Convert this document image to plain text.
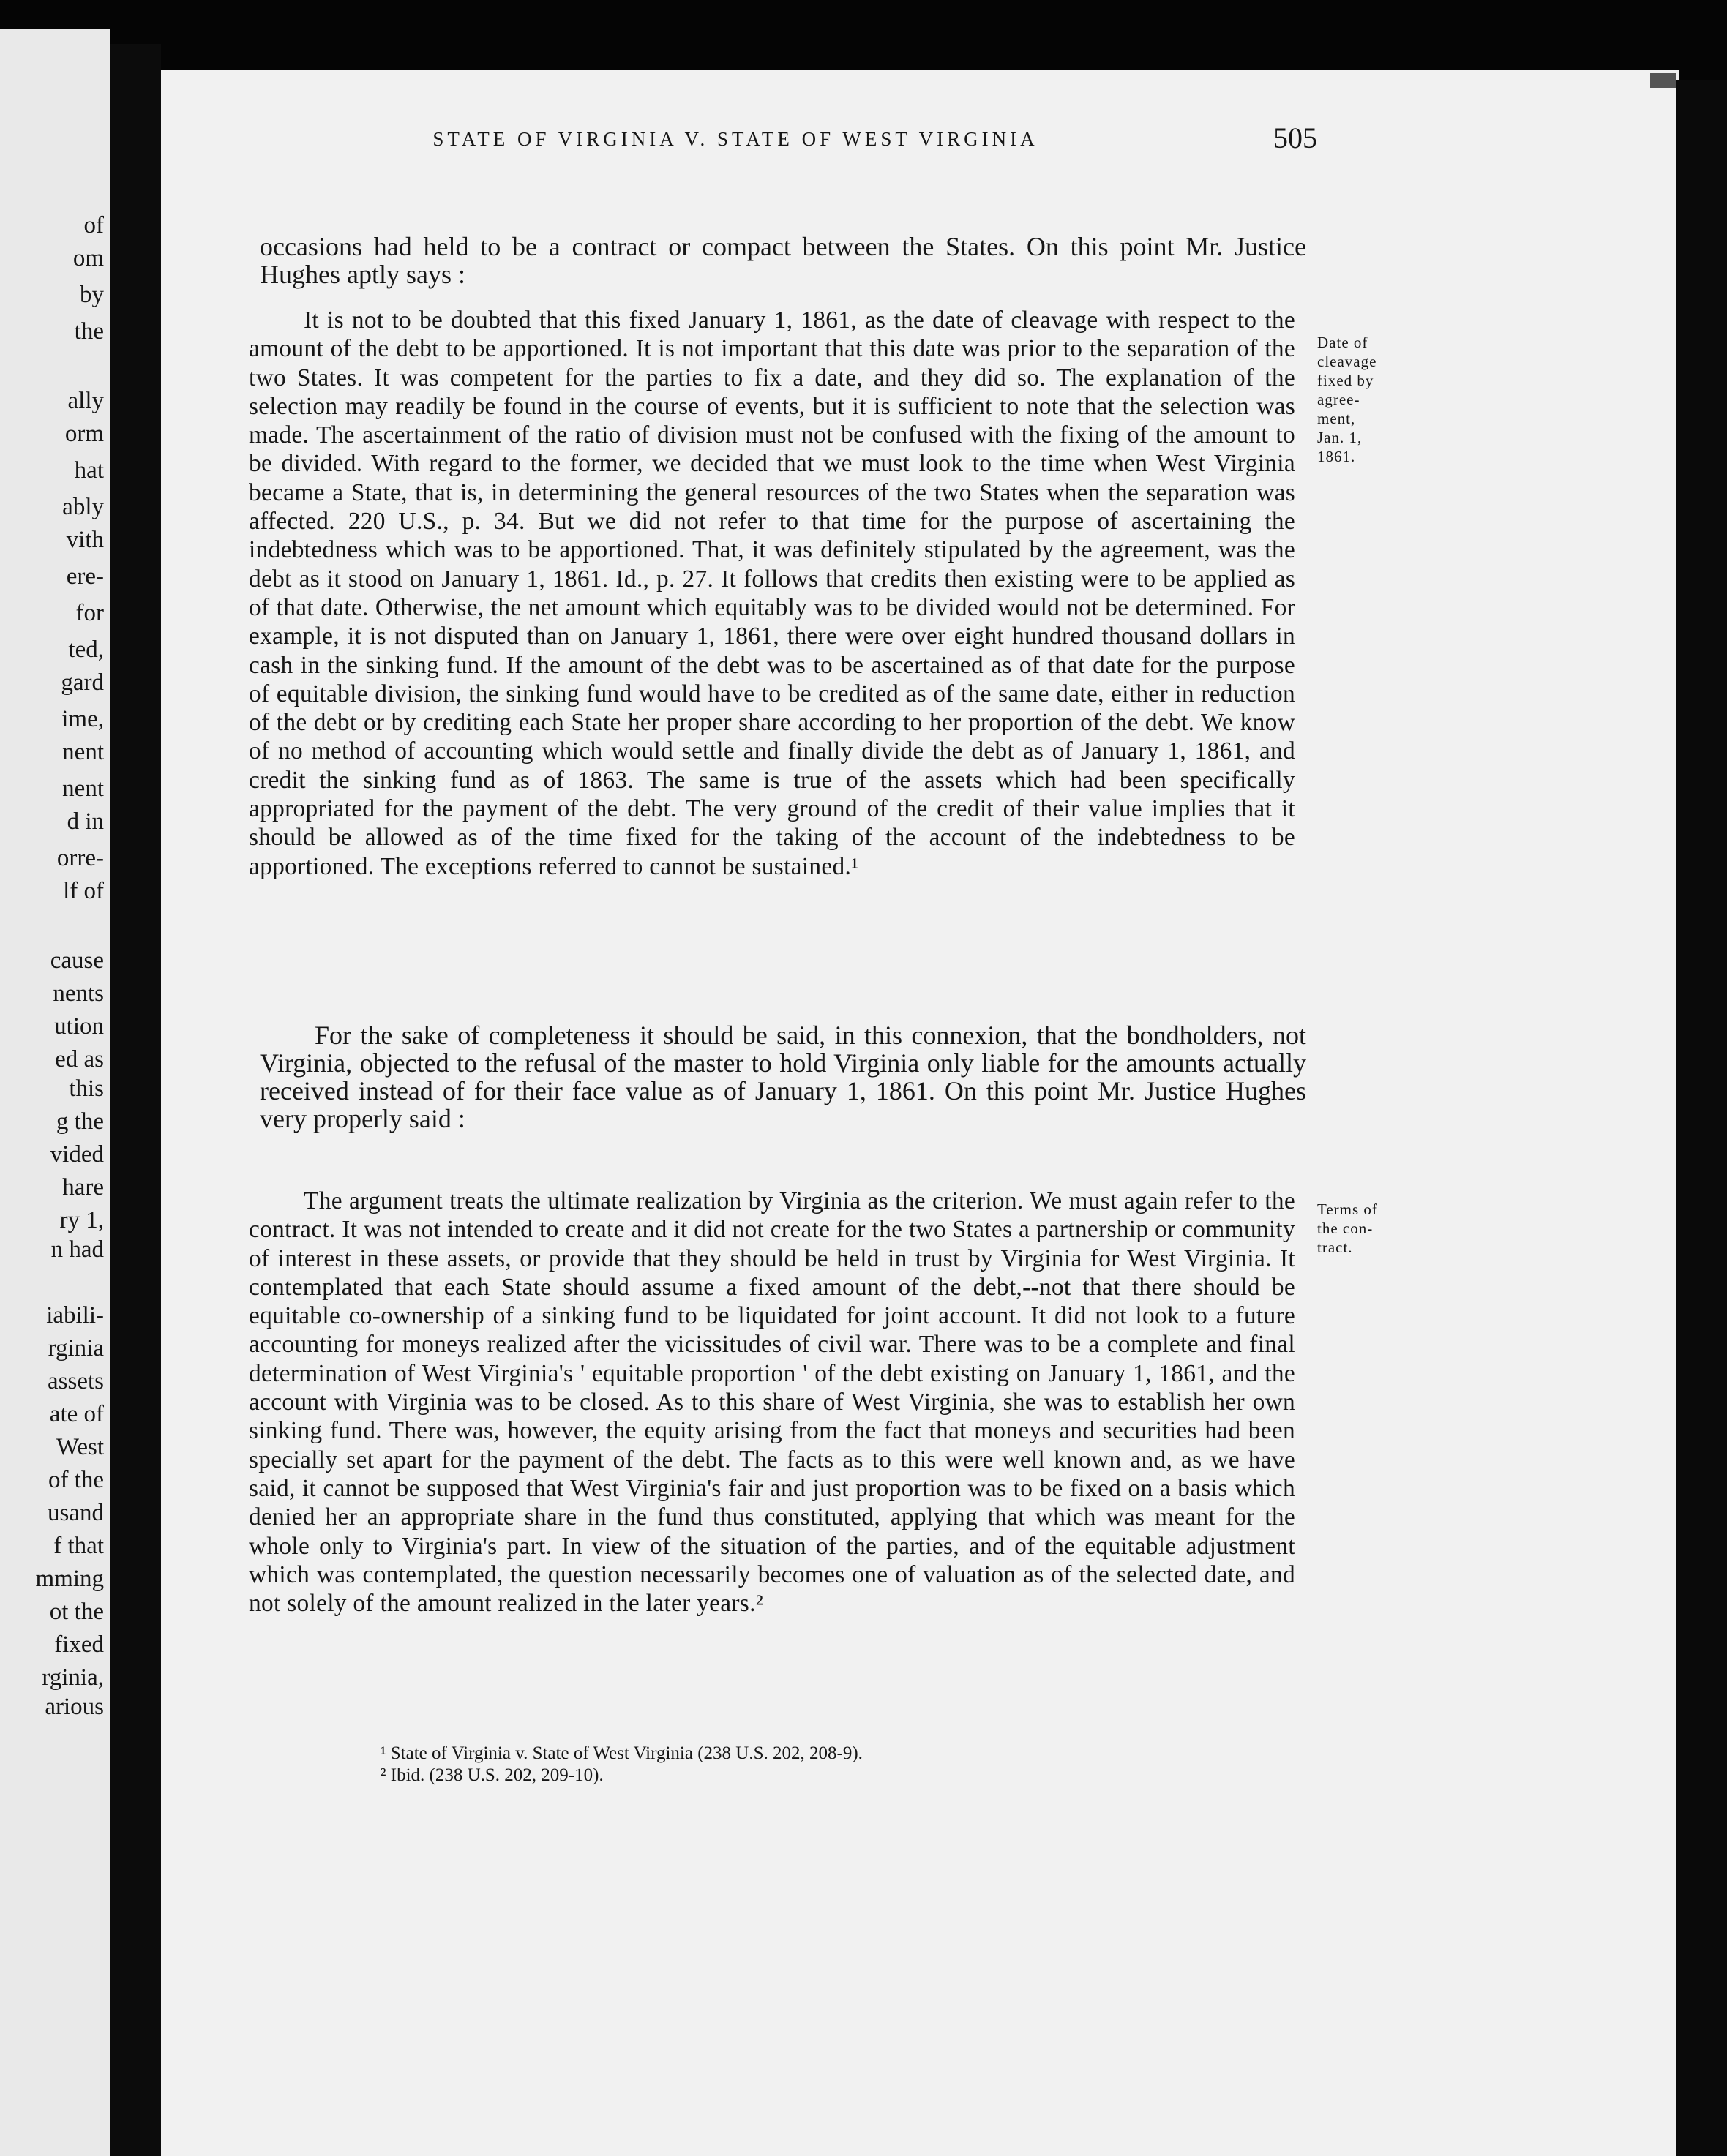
of
om
by
the
ally
orm
hat
ably
vith
ere-
for
ted,
gard
ime,
nent
nent
d in
orre-
lf of
cause
nents
ution
ed as
this
g the
vided
hare
ry 1,
n had
iabili-
rginia
assets
ate of
West
of the
usand
f that
mming
ot the
fixed
rginia,
arious
STATE OF VIRGINIA V. STATE OF WEST VIRGINIA	505

occasions had held to be a contract or compact between the States. On this point Mr. Justice Hughes aptly says :

It is not to be doubted that this fixed January 1, 1861, as the date of cleavage with respect to the amount of the debt to be apportioned. It is not important that this date was prior to the separation of the two States. It was competent for the parties to fix a date, and they did so. The explanation of the selection may readily be found in the course of events, but it is sufficient to note that the selection was made. The ascertainment of the ratio of division must not be confused with the fixing of the amount to be divided. With regard to the former, we decided that we must look to the time when West Virginia became a State, that is, in determining the general resources of the two States when the separation was affected. 220 U.S., p. 34. But we did not refer to that time for the purpose of ascertaining the indebtedness which was to be apportioned. That, it was definitely stipulated by the agreement, was the debt as it stood on January 1, 1861. Id., p. 27. It follows that credits then existing were to be applied as of that date. Otherwise, the net amount which equitably was to be divided would not be determined. For example, it is not disputed than on January 1, 1861, there were over eight hundred thousand dollars in cash in the sinking fund. If the amount of the debt was to be ascertained as of that date for the purpose of equitable division, the sinking fund would have to be credited as of the same date, either in reduction of the debt or by crediting each State her proper share according to her proportion of the debt. We know of no method of accounting which would settle and finally divide the debt as of January 1, 1861, and credit the sinking fund as of 1863. The same is true of the assets which had been specifically appropriated for the payment of the debt. The very ground of the credit of their value implies that it should be allowed as of the time fixed for the taking of the account of the indebtedness to be apportioned. The exceptions referred to cannot be sustained.¹

For the sake of completeness it should be said, in this connexion, that the bondholders, not Virginia, objected to the refusal of the master to hold Virginia only liable for the amounts actually received instead of for their face value as of January 1, 1861. On this point Mr. Justice Hughes very properly said :

The argument treats the ultimate realization by Virginia as the criterion. We must again refer to the contract. It was not intended to create and it did not create for the two States a partnership or community of interest in these assets, or provide that they should be held in trust by Virginia for West Virginia. It contemplated that each State should assume a fixed amount of the debt,--not that there should be equitable co-ownership of a sinking fund to be liquidated for joint account. It did not look to a future accounting for moneys realized after the vicissitudes of civil war. There was to be a complete and final determination of West Virginia's ' equitable proportion ' of the debt existing on January 1, 1861, and the account with Virginia was to be closed. As to this share of West Virginia, she was to establish her own sinking fund. There was, however, the equity arising from the fact that moneys and securities had been specially set apart for the payment of the debt. The facts as to this were well known and, as we have said, it cannot be supposed that West Virginia's fair and just proportion was to be fixed on a basis which denied her an appropriate share in the fund thus constituted, applying that which was meant for the whole only to Virginia's part. In view of the situation of the parties, and of the equitable adjustment which was contemplated, the question necessarily becomes one of valuation as of the selected date, and not solely of the amount realized in the later years.²

Date of
cleavage
fixed by
agree-
ment,
Jan. 1,
1861.
Terms of
the con-
tract.
¹ State of Virginia v. State of West Virginia (238 U.S. 202, 208-9).
² Ibid. (238 U.S. 202, 209-10).
